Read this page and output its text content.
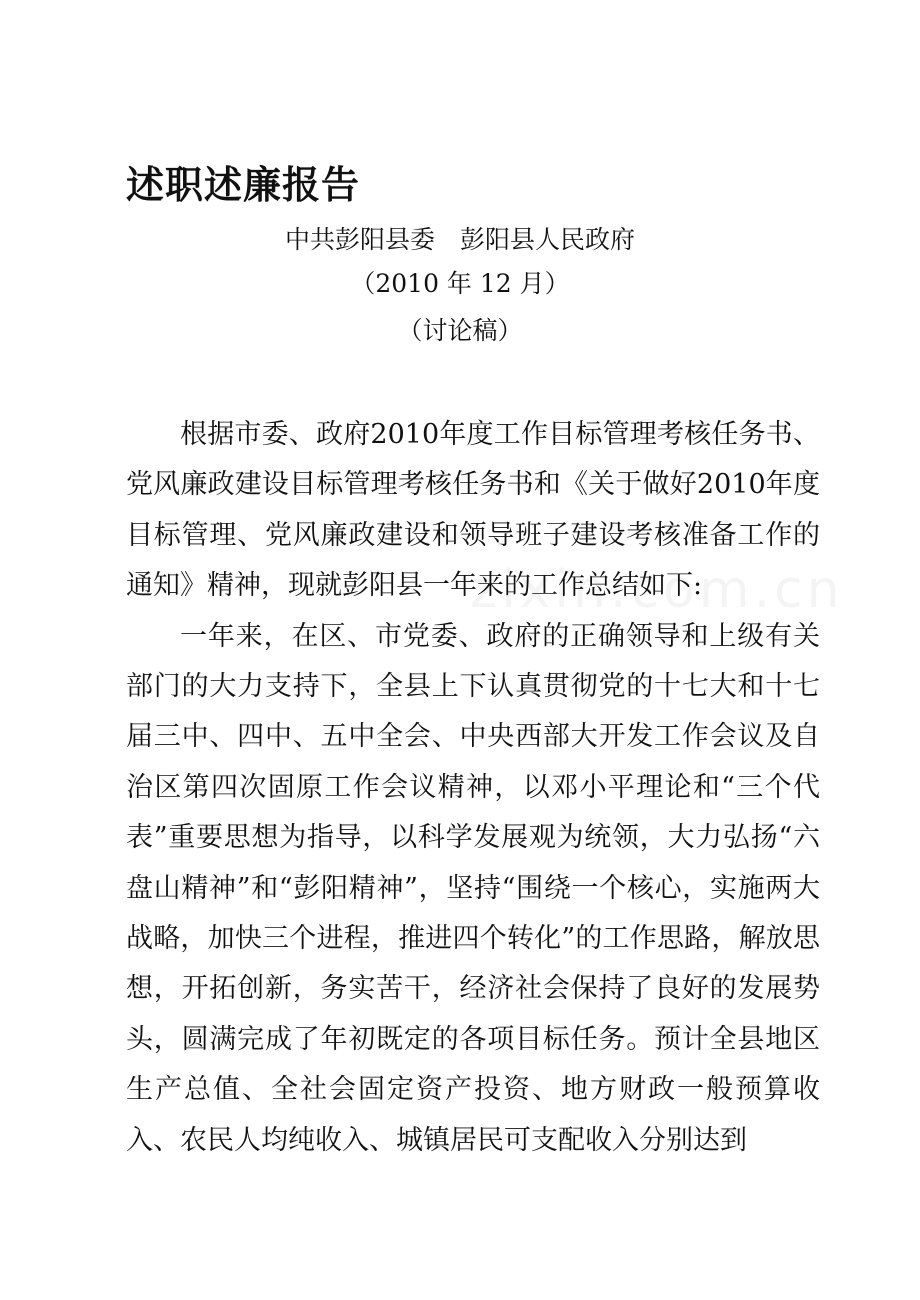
述职述廉报告
中共彭阳县委　彭阳县人民政府
（2010 年 12 月）
（讨论稿）

根据市委、政府2010年度工作目标管理考核任务书、党风廉政建设目标管理考核任务书和《关于做好2010年度目标管理、党风廉政建设和领导班子建设考核准备工作的通知》精神，现就彭阳县一年来的工作总结如下:

一年来，在区、市党委、政府的正确领导和上级有关部门的大力支持下，全县上下认真贯彻党的十七大和十七届三中、四中、五中全会、中央西部大开发工作会议及自治区第四次固原工作会议精神，以邓小平理论和“三个代表”重要思想为指导，以科学发展观为统领，大力弘扬“六盘山精神”和“彭阳精神”，坚持“围绕一个核心，实施两大战略，加快三个进程，推进四个转化”的工作思路，解放思想，开拓创新，务实苦干，经济社会保持了良好的发展势头，圆满完成了年初既定的各项目标任务。预计全县地区生产总值、全社会固定资产投资、地方财政一般预算收入、农民人均纯收入、城镇居民可支配收入分别达到
